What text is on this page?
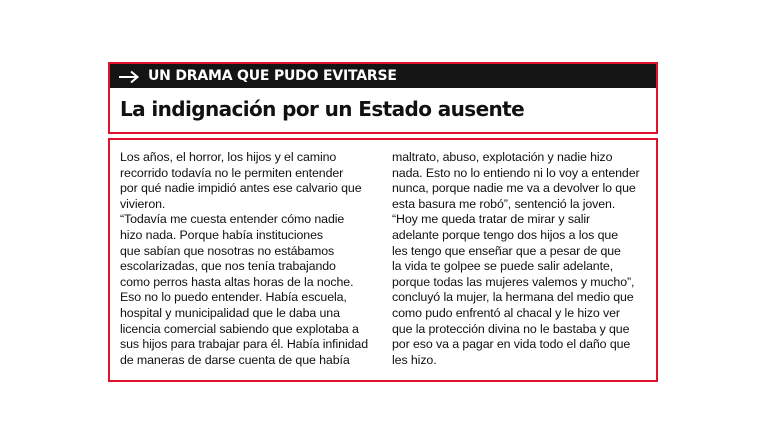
UN DRAMA QUE PUDO EVITARSE
La indignación por un Estado ausente
Los años, el horror, los hijos y el camino
recorrido todavía no le permiten entender
por qué nadie impidió antes ese calvario que
vivieron.
“Todavía me cuesta entender cómo nadie
hizo nada. Porque había instituciones
que sabían que nosotras no estábamos
escolarizadas, que nos tenía trabajando
como perros hasta altas horas de la noche.
Eso no lo puedo entender. Había escuela,
hospital y municipalidad que le daba una
licencia comercial sabiendo que explotaba a
sus hijos para trabajar para él. Había infinidad
de maneras de darse cuenta de que había
maltrato, abuso, explotación y nadie hizo
nada. Esto no lo entiendo ni lo voy a entender
nunca, porque nadie me va a devolver lo que
esta basura me robó”, sentenció la joven.
“Hoy me queda tratar de mirar y salir
adelante porque tengo dos hijos a los que
les tengo que enseñar que a pesar de que
la vida te golpee se puede salir adelante,
porque todas las mujeres valemos y mucho”,
concluyó la mujer, la hermana del medio que
como pudo enfrentó al chacal y le hizo ver
que la protección divina no le bastaba y que
por eso va a pagar en vida todo el daño que
les hizo.
